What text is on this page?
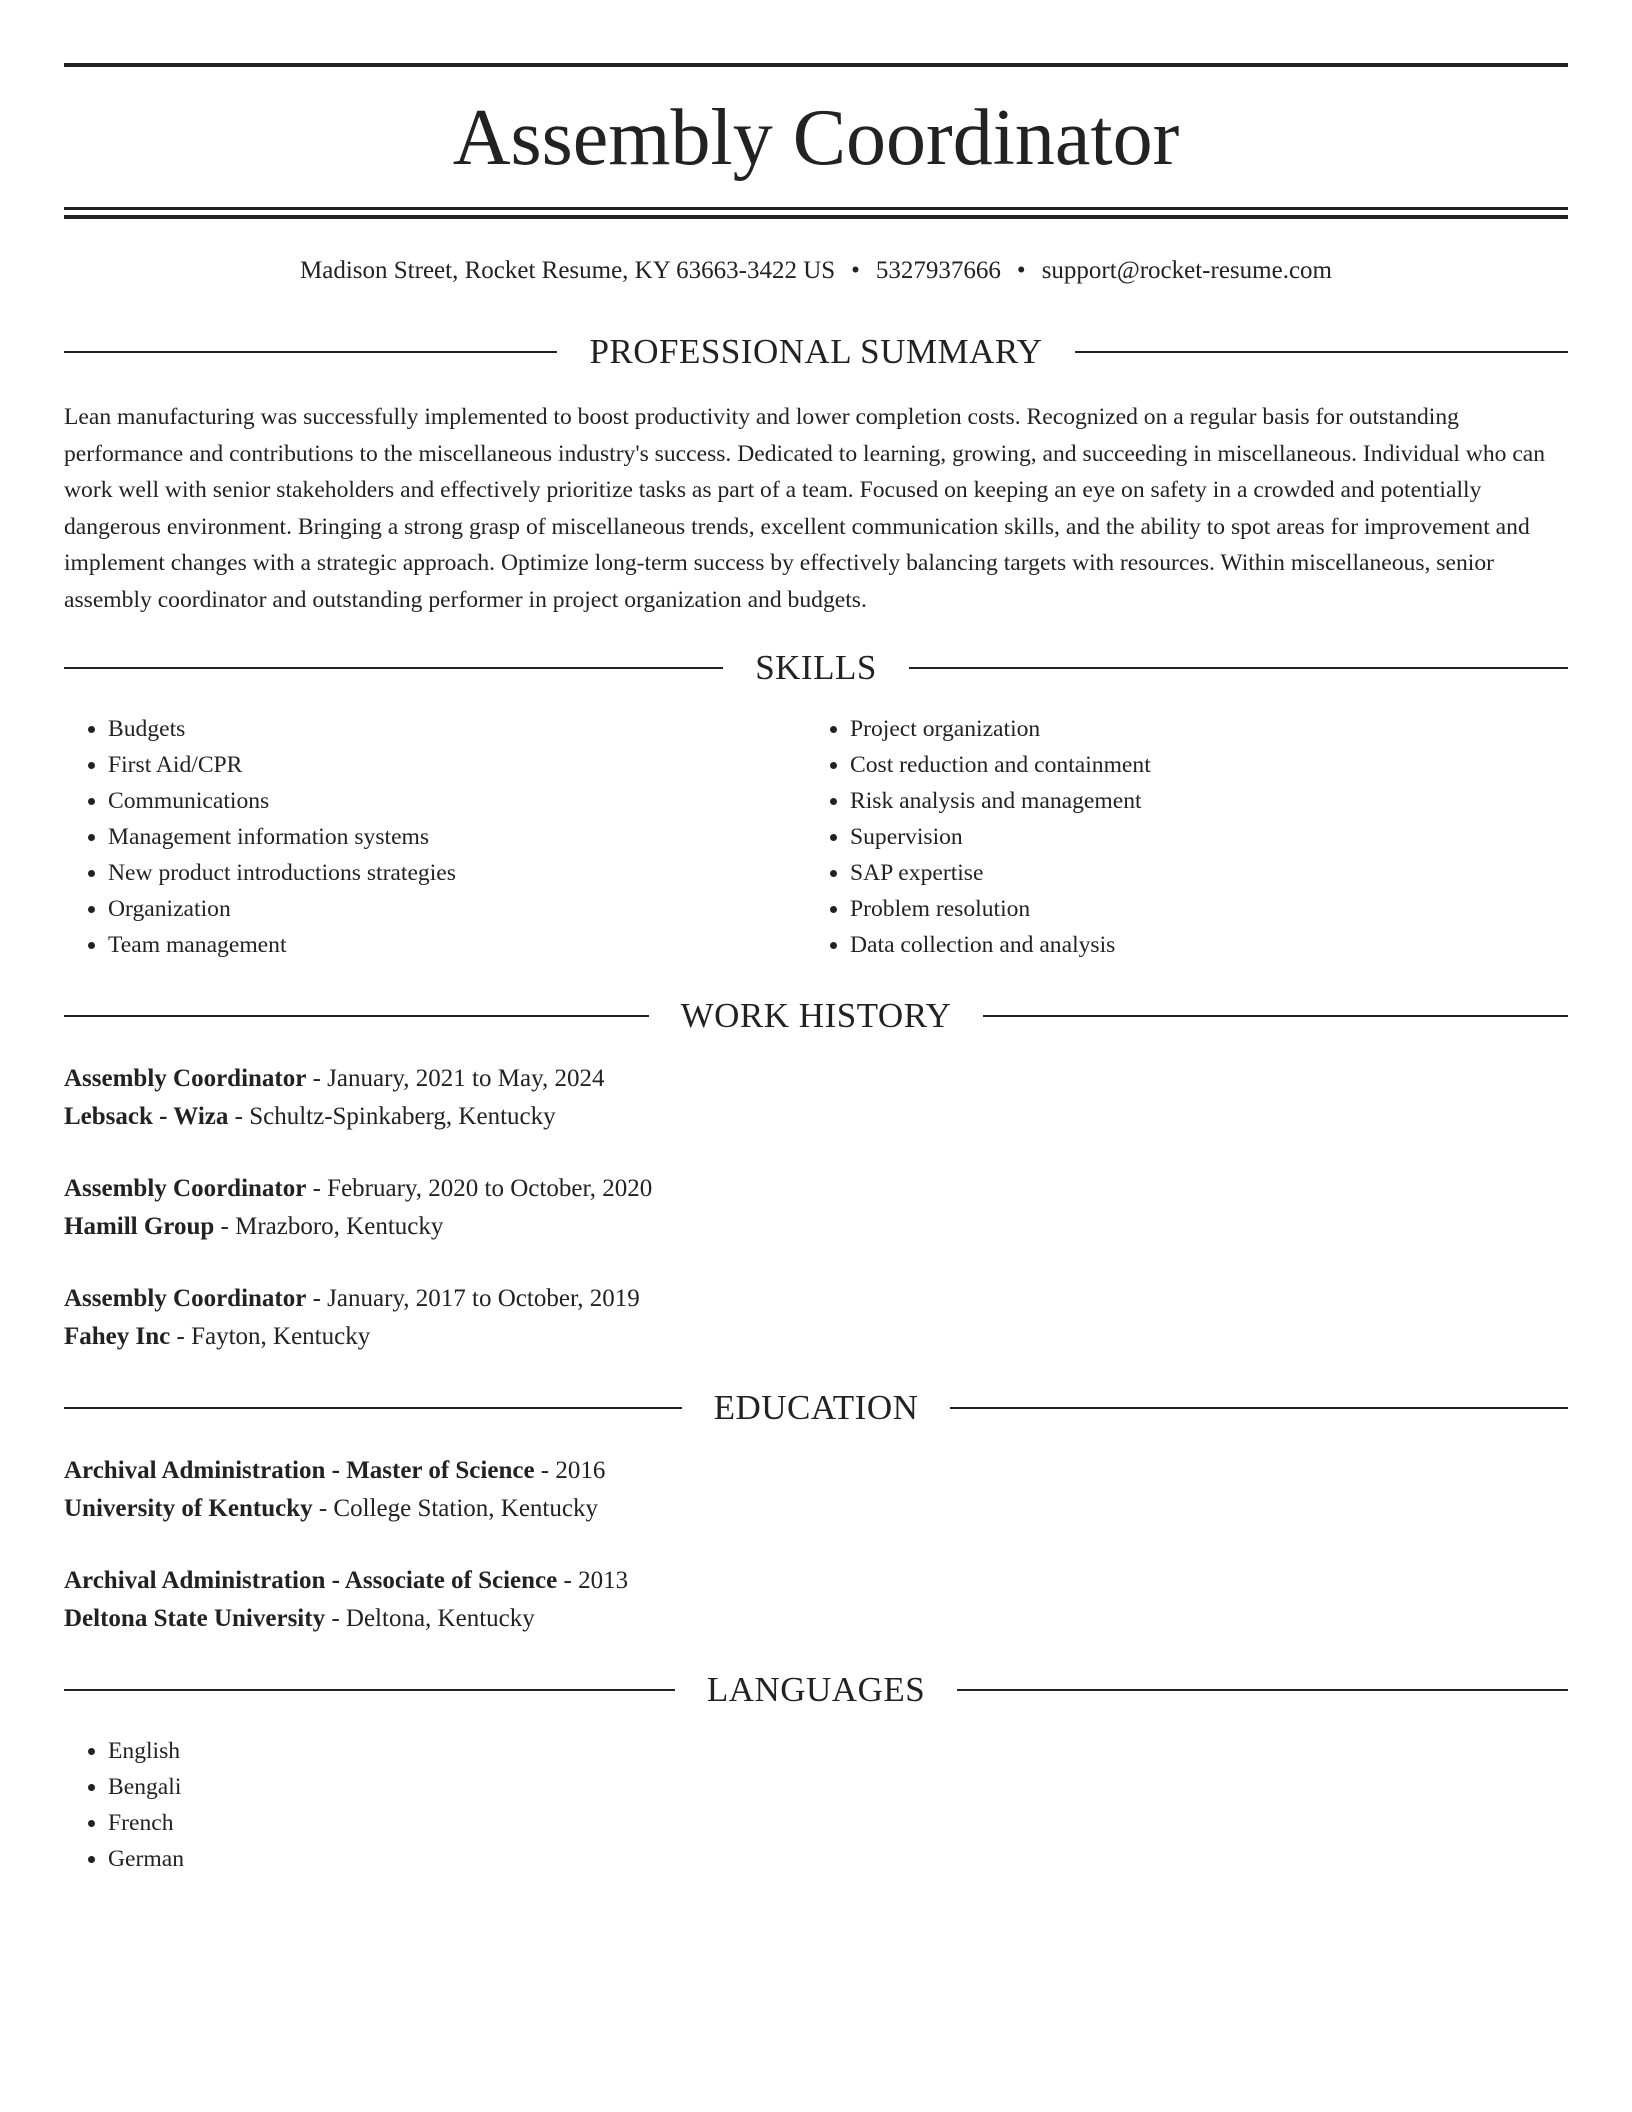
Assembly Coordinator
Madison Street, Rocket Resume, KY 63663-3422 US • 5327937666 • support@rocket-resume.com
PROFESSIONAL SUMMARY

Lean manufacturing was successfully implemented to boost productivity and lower completion costs. Recognized on a regular basis for outstanding performance and contributions to the miscellaneous industry's success. Dedicated to learning, growing, and succeeding in miscellaneous. Individual who can work well with senior stakeholders and effectively prioritize tasks as part of a team. Focused on keeping an eye on safety in a crowded and potentially dangerous environment. Bringing a strong grasp of miscellaneous trends, excellent communication skills, and the ability to spot areas for improvement and implement changes with a strategic approach. Optimize long-term success by effectively balancing targets with resources. Within miscellaneous, senior assembly coordinator and outstanding performer in project organization and budgets.

SKILLS
• Budgets
• First Aid/CPR
• Communications
• Management information systems
• New product introductions strategies
• Organization
• Team management
• Project organization
• Cost reduction and containment
• Risk analysis and management
• Supervision
• SAP expertise
• Problem resolution
• Data collection and analysis
WORK HISTORY
Assembly Coordinator - January, 2021 to May, 2024
Lebsack - Wiza - Schultz-Spinkaberg, Kentucky
Assembly Coordinator - February, 2020 to October, 2020
Hamill Group - Mrazboro, Kentucky
Assembly Coordinator - January, 2017 to October, 2019
Fahey Inc - Fayton, Kentucky
EDUCATION
Archival Administration - Master of Science - 2016
University of Kentucky - College Station, Kentucky
Archival Administration - Associate of Science - 2013
Deltona State University - Deltona, Kentucky
LANGUAGES
• English
• Bengali
• French
• German
